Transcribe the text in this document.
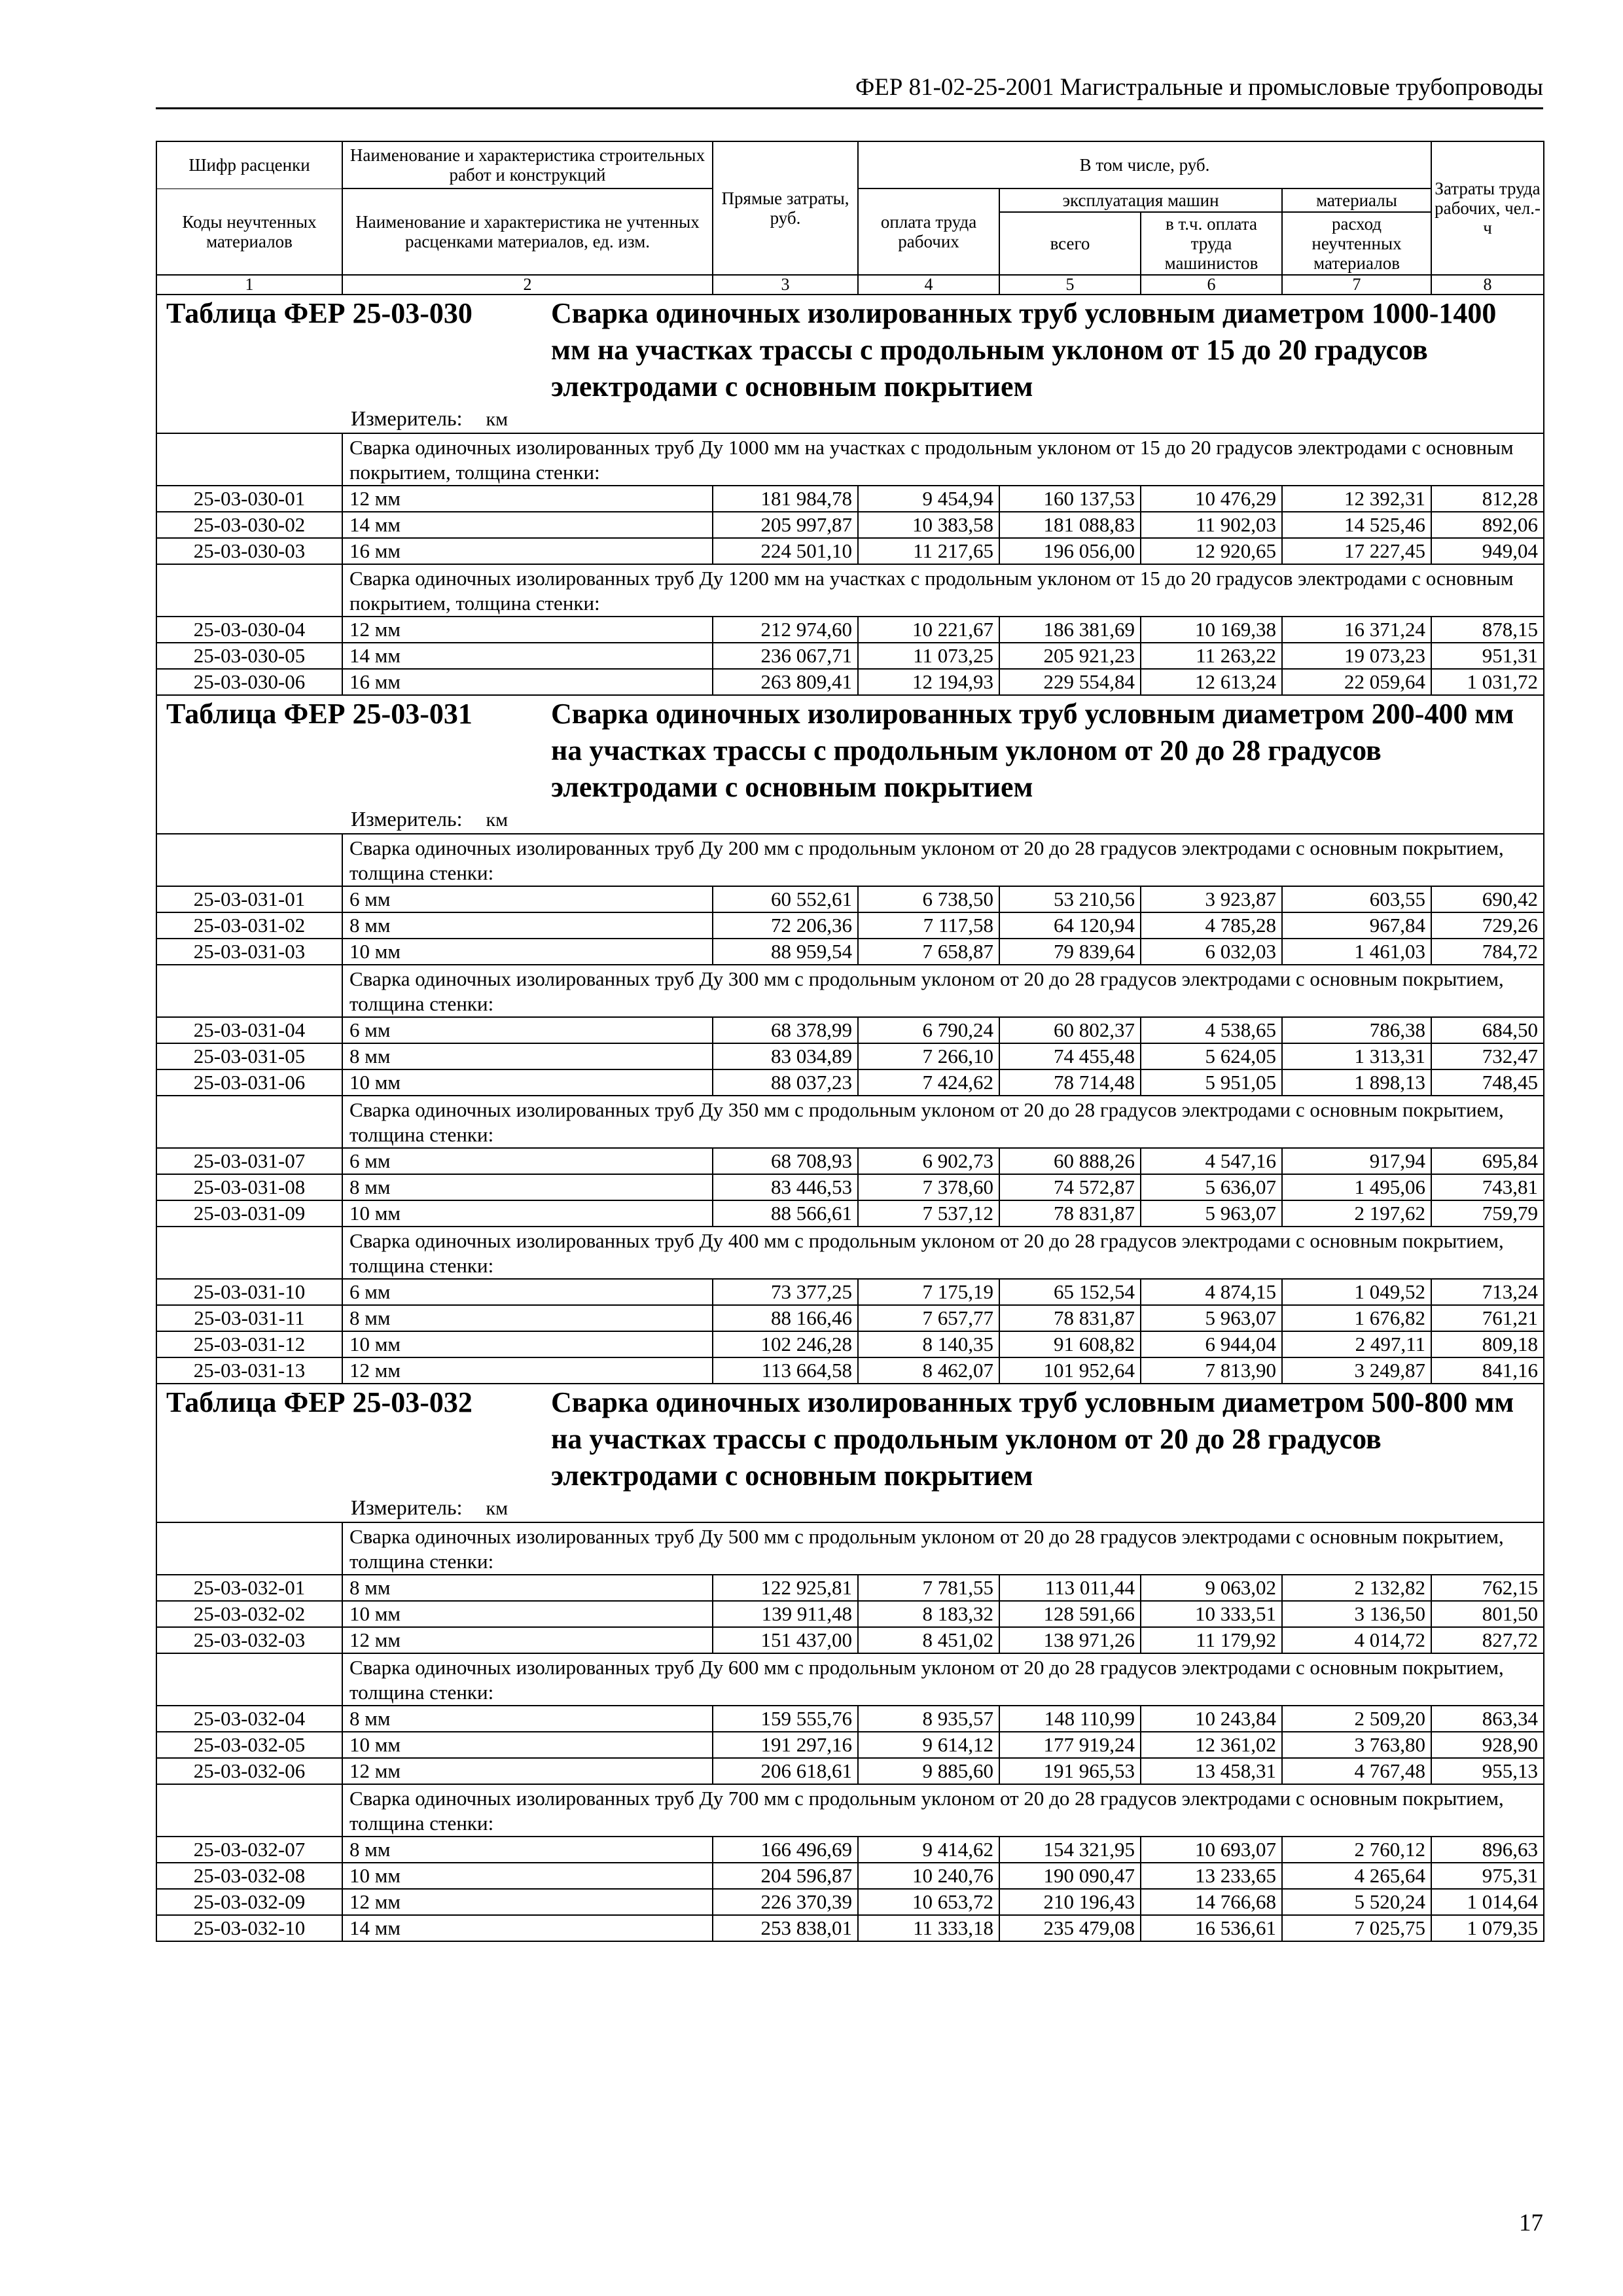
ФЕР 81-02-25-2001 Магистральные и промысловые трубопроводы
Шифр расценки	Наименование и характеристика строительных работ и конструкций	Прямые затраты, руб.	В том числе, руб.				Затраты труда рабочих, чел.-ч
Коды неучтенных материалов	Наименование и характеристика не учтенных расценками материалов, ед. изм.		оплата труда рабочих	эксплуатация машин		материалы	
				всего	в т.ч. оплата труда машинистов	расход неучтенных материалов	
1	2	3	4	5	6	7	8

Таблица ФЕР 25-03-030 Сварка одиночных изолированных труб условным диаметром 1000-1400 мм на участках трассы с продольным уклоном от 15 до 20 градусов электродами с основным покрытием							

Измеритель: км							

	Сварка одиночных изолированных труб Ду 1000 мм на участках с продольным уклоном от 15 до 20 градусов электродами с основным покрытием, толщина стенки:						
25-03-030-01	12 мм	181 984,78	9 454,94	160 137,53	10 476,29	12 392,31	812,28
25-03-030-02	14 мм	205 997,87	10 383,58	181 088,83	11 902,03	14 525,46	892,06
25-03-030-03	16 мм	224 501,10	11 217,65	196 056,00	12 920,65	17 227,45	949,04
	Сварка одиночных изолированных труб Ду 1200 мм на участках с продольным уклоном от 15 до 20 градусов электродами с основным покрытием, толщина стенки:						
25-03-030-04	12 мм	212 974,60	10 221,67	186 381,69	10 169,38	16 371,24	878,15
25-03-030-05	14 мм	236 067,71	11 073,25	205 921,23	11 263,22	19 073,23	951,31
25-03-030-06	16 мм	263 809,41	12 194,93	229 554,84	12 613,24	22 059,64	1 031,72

Таблица ФЕР 25-03-031 Сварка одиночных изолированных труб условным диаметром 200-400 мм на участках трассы с продольным уклоном от 20 до 28 градусов электродами с основным покрытием							

Измеритель: км							

	Сварка одиночных изолированных труб Ду 200 мм с продольным уклоном от 20 до 28 градусов электродами с основным покрытием, толщина стенки:						
25-03-031-01	6 мм	60 552,61	6 738,50	53 210,56	3 923,87	603,55	690,42
25-03-031-02	8 мм	72 206,36	7 117,58	64 120,94	4 785,28	967,84	729,26
25-03-031-03	10 мм	88 959,54	7 658,87	79 839,64	6 032,03	1 461,03	784,72
	Сварка одиночных изолированных труб Ду 300 мм с продольным уклоном от 20 до 28 градусов электродами с основным покрытием, толщина стенки:						
25-03-031-04	6 мм	68 378,99	6 790,24	60 802,37	4 538,65	786,38	684,50
25-03-031-05	8 мм	83 034,89	7 266,10	74 455,48	5 624,05	1 313,31	732,47
25-03-031-06	10 мм	88 037,23	7 424,62	78 714,48	5 951,05	1 898,13	748,45
	Сварка одиночных изолированных труб Ду 350 мм с продольным уклоном от 20 до 28 градусов электродами с основным покрытием, толщина стенки:						
25-03-031-07	6 мм	68 708,93	6 902,73	60 888,26	4 547,16	917,94	695,84
25-03-031-08	8 мм	83 446,53	7 378,60	74 572,87	5 636,07	1 495,06	743,81
25-03-031-09	10 мм	88 566,61	7 537,12	78 831,87	5 963,07	2 197,62	759,79
	Сварка одиночных изолированных труб Ду 400 мм с продольным уклоном от 20 до 28 градусов электродами с основным покрытием, толщина стенки:						
25-03-031-10	6 мм	73 377,25	7 175,19	65 152,54	4 874,15	1 049,52	713,24
25-03-031-11	8 мм	88 166,46	7 657,77	78 831,87	5 963,07	1 676,82	761,21
25-03-031-12	10 мм	102 246,28	8 140,35	91 608,82	6 944,04	2 497,11	809,18
25-03-031-13	12 мм	113 664,58	8 462,07	101 952,64	7 813,90	3 249,87	841,16

Таблица ФЕР 25-03-032 Сварка одиночных изолированных труб условным диаметром 500-800 мм на участках трассы с продольным уклоном от 20 до 28 градусов электродами с основным покрытием							

Измеритель: км							

	Сварка одиночных изолированных труб Ду 500 мм с продольным уклоном от 20 до 28 градусов электродами с основным покрытием, толщина стенки:						
25-03-032-01	8 мм	122 925,81	7 781,55	113 011,44	9 063,02	2 132,82	762,15
25-03-032-02	10 мм	139 911,48	8 183,32	128 591,66	10 333,51	3 136,50	801,50
25-03-032-03	12 мм	151 437,00	8 451,02	138 971,26	11 179,92	4 014,72	827,72
	Сварка одиночных изолированных труб Ду 600 мм с продольным уклоном от 20 до 28 градусов электродами с основным покрытием, толщина стенки:						
25-03-032-04	8 мм	159 555,76	8 935,57	148 110,99	10 243,84	2 509,20	863,34
25-03-032-05	10 мм	191 297,16	9 614,12	177 919,24	12 361,02	3 763,80	928,90
25-03-032-06	12 мм	206 618,61	9 885,60	191 965,53	13 458,31	4 767,48	955,13
	Сварка одиночных изолированных труб Ду 700 мм с продольным уклоном от 20 до 28 градусов электродами с основным покрытием, толщина стенки:						
25-03-032-07	8 мм	166 496,69	9 414,62	154 321,95	10 693,07	2 760,12	896,63
25-03-032-08	10 мм	204 596,87	10 240,76	190 090,47	13 233,65	4 265,64	975,31
25-03-032-09	12 мм	226 370,39	10 653,72	210 196,43	14 766,68	5 520,24	1 014,64
25-03-032-10	14 мм	253 838,01	11 333,18	235 479,08	16 536,61	7 025,75	1 079,35
17
